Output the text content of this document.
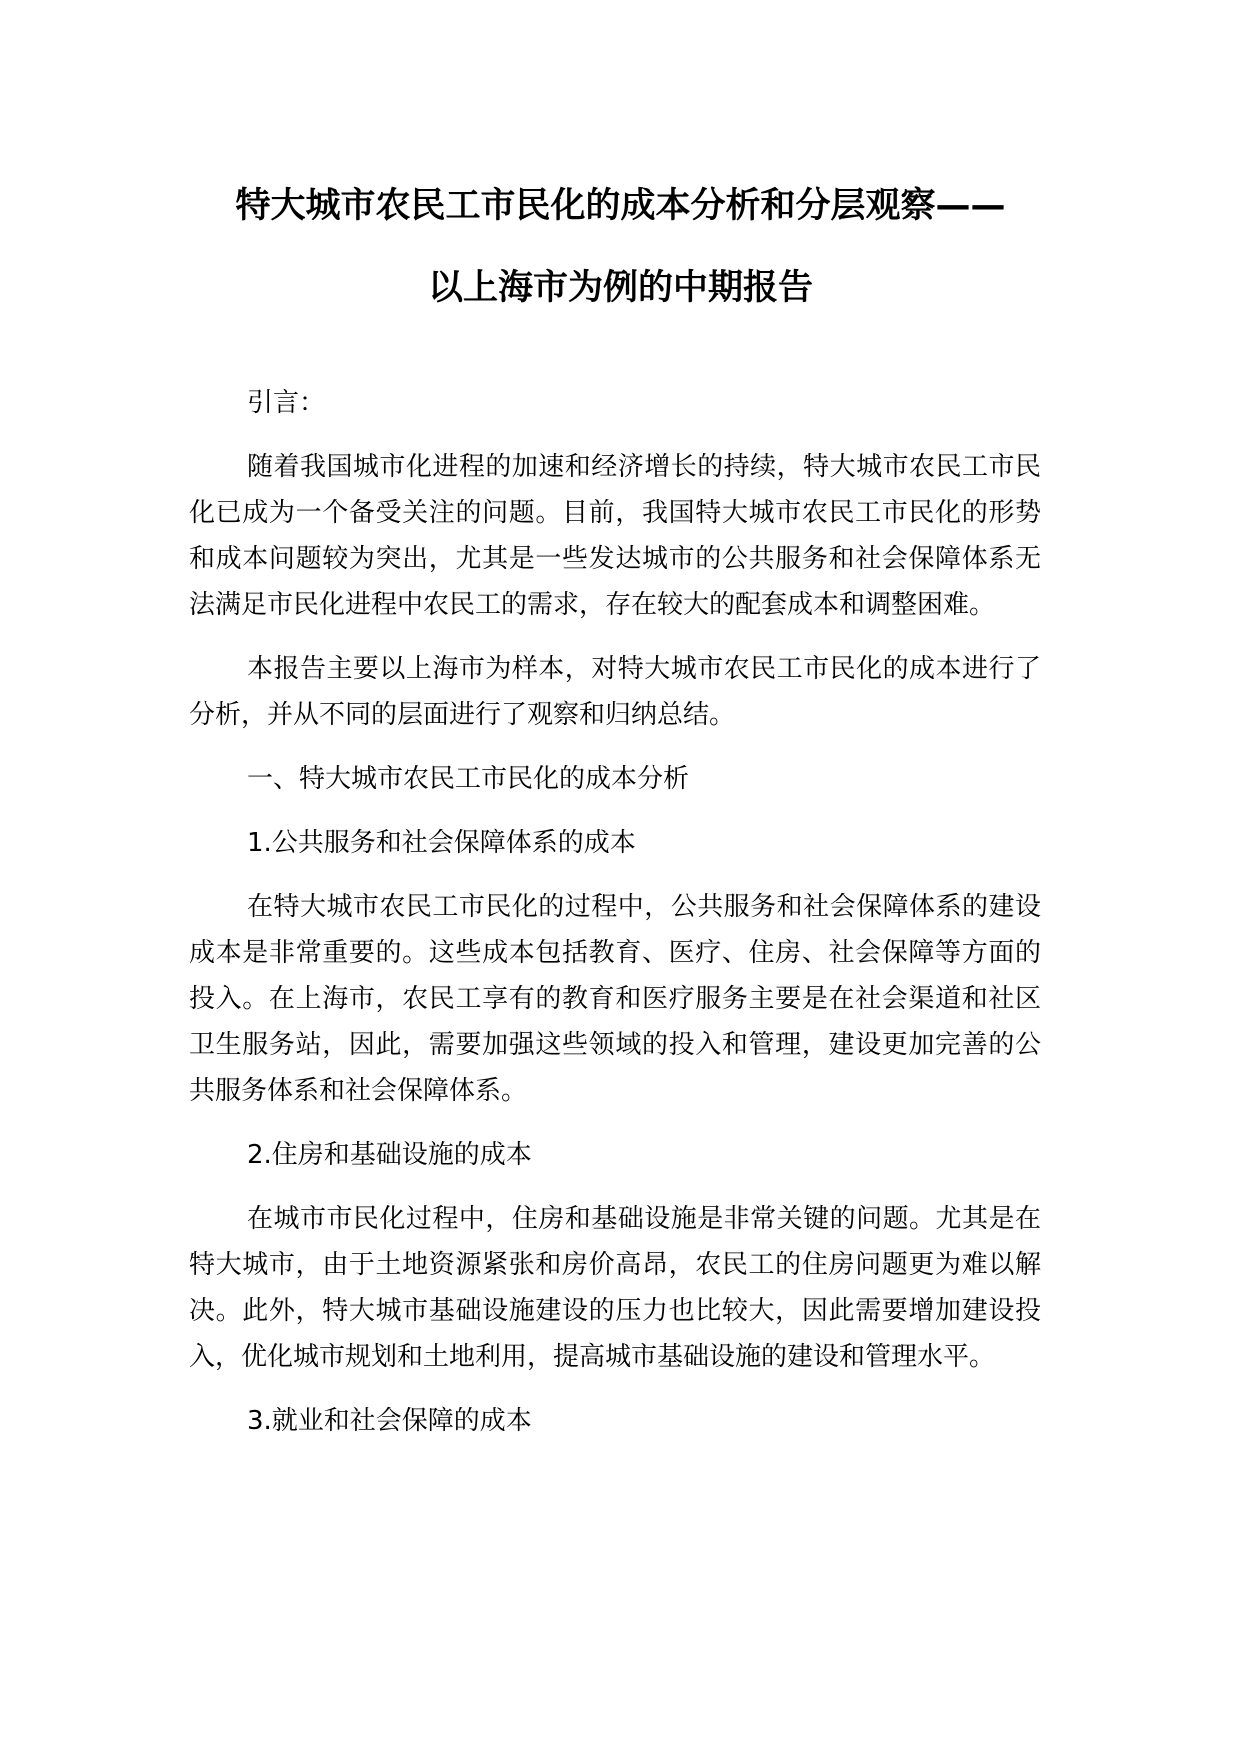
特大城市农民工市民化的成本分析和分层观察——
以上海市为例的中期报告

引言：

随着我国城市化进程的加速和经济增长的持续，特大城市农民工市民化已成为一个备受关注的问题。目前，我国特大城市农民工市民化的形势和成本问题较为突出，尤其是一些发达城市的公共服务和社会保障体系无法满足市民化进程中农民工的需求，存在较大的配套成本和调整困难。

本报告主要以上海市为样本，对特大城市农民工市民化的成本进行了分析，并从不同的层面进行了观察和归纳总结。

一、特大城市农民工市民化的成本分析

1.公共服务和社会保障体系的成本

在特大城市农民工市民化的过程中，公共服务和社会保障体系的建设成本是非常重要的。这些成本包括教育、医疗、住房、社会保障等方面的投入。在上海市，农民工享有的教育和医疗服务主要是在社会渠道和社区卫生服务站，因此，需要加强这些领域的投入和管理，建设更加完善的公共服务体系和社会保障体系。

2.住房和基础设施的成本

在城市市民化过程中，住房和基础设施是非常关键的问题。尤其是在特大城市，由于土地资源紧张和房价高昂，农民工的住房问题更为难以解决。此外，特大城市基础设施建设的压力也比较大，因此需要增加建设投入，优化城市规划和土地利用，提高城市基础设施的建设和管理水平。

3.就业和社会保障的成本
